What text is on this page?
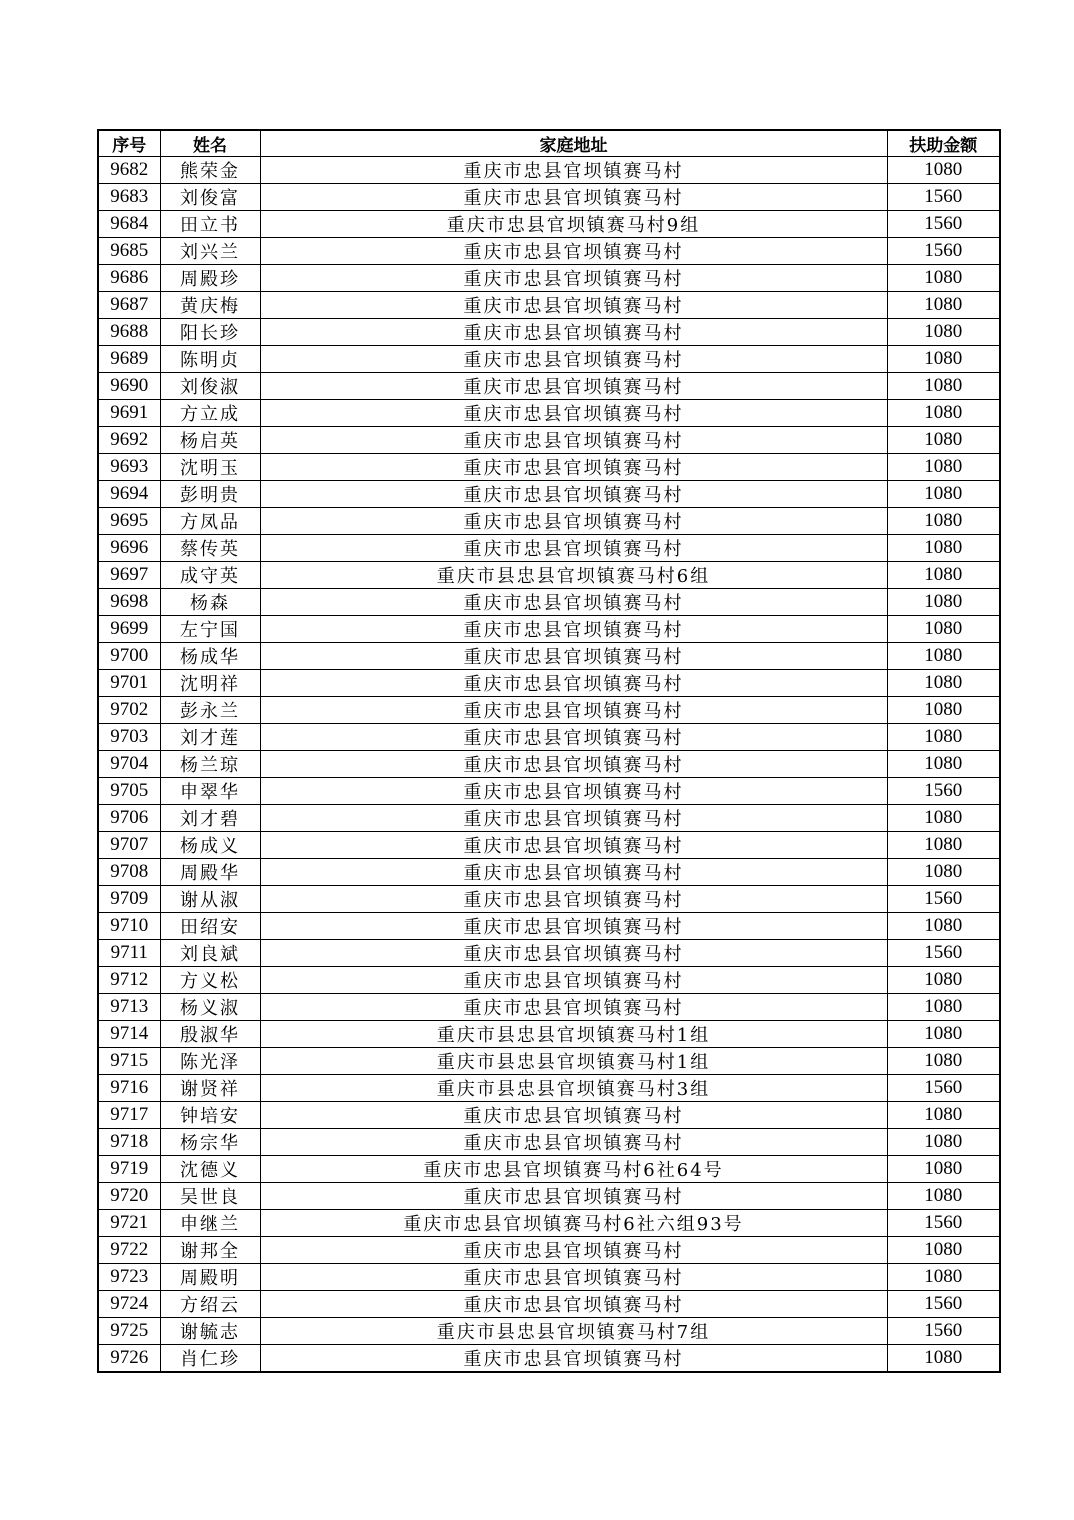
序号	姓名	家庭地址	扶助金额
9682	熊荣金	重庆市忠县官坝镇赛马村	1080
9683	刘俊富	重庆市忠县官坝镇赛马村	1560
9684	田立书	重庆市忠县官坝镇赛马村9组	1560
9685	刘兴兰	重庆市忠县官坝镇赛马村	1560
9686	周殿珍	重庆市忠县官坝镇赛马村	1080
9687	黄庆梅	重庆市忠县官坝镇赛马村	1080
9688	阳长珍	重庆市忠县官坝镇赛马村	1080
9689	陈明贞	重庆市忠县官坝镇赛马村	1080
9690	刘俊淑	重庆市忠县官坝镇赛马村	1080
9691	方立成	重庆市忠县官坝镇赛马村	1080
9692	杨启英	重庆市忠县官坝镇赛马村	1080
9693	沈明玉	重庆市忠县官坝镇赛马村	1080
9694	彭明贵	重庆市忠县官坝镇赛马村	1080
9695	方凤品	重庆市忠县官坝镇赛马村	1080
9696	蔡传英	重庆市忠县官坝镇赛马村	1080
9697	成守英	重庆市县忠县官坝镇赛马村6组	1080
9698	杨森	重庆市忠县官坝镇赛马村	1080
9699	左宁国	重庆市忠县官坝镇赛马村	1080
9700	杨成华	重庆市忠县官坝镇赛马村	1080
9701	沈明祥	重庆市忠县官坝镇赛马村	1080
9702	彭永兰	重庆市忠县官坝镇赛马村	1080
9703	刘才莲	重庆市忠县官坝镇赛马村	1080
9704	杨兰琼	重庆市忠县官坝镇赛马村	1080
9705	申翠华	重庆市忠县官坝镇赛马村	1560
9706	刘才碧	重庆市忠县官坝镇赛马村	1080
9707	杨成义	重庆市忠县官坝镇赛马村	1080
9708	周殿华	重庆市忠县官坝镇赛马村	1080
9709	谢从淑	重庆市忠县官坝镇赛马村	1560
9710	田绍安	重庆市忠县官坝镇赛马村	1080
9711	刘良斌	重庆市忠县官坝镇赛马村	1560
9712	方义松	重庆市忠县官坝镇赛马村	1080
9713	杨义淑	重庆市忠县官坝镇赛马村	1080
9714	殷淑华	重庆市县忠县官坝镇赛马村1组	1080
9715	陈光泽	重庆市县忠县官坝镇赛马村1组	1080
9716	谢贤祥	重庆市县忠县官坝镇赛马村3组	1560
9717	钟培安	重庆市忠县官坝镇赛马村	1080
9718	杨宗华	重庆市忠县官坝镇赛马村	1080
9719	沈德义	重庆市忠县官坝镇赛马村6社64号	1080
9720	吴世良	重庆市忠县官坝镇赛马村	1080
9721	申继兰	重庆市忠县官坝镇赛马村6社六组93号	1560
9722	谢邦全	重庆市忠县官坝镇赛马村	1080
9723	周殿明	重庆市忠县官坝镇赛马村	1080
9724	方绍云	重庆市忠县官坝镇赛马村	1560
9725	谢毓志	重庆市县忠县官坝镇赛马村7组	1560
9726	肖仁珍	重庆市忠县官坝镇赛马村	1080
